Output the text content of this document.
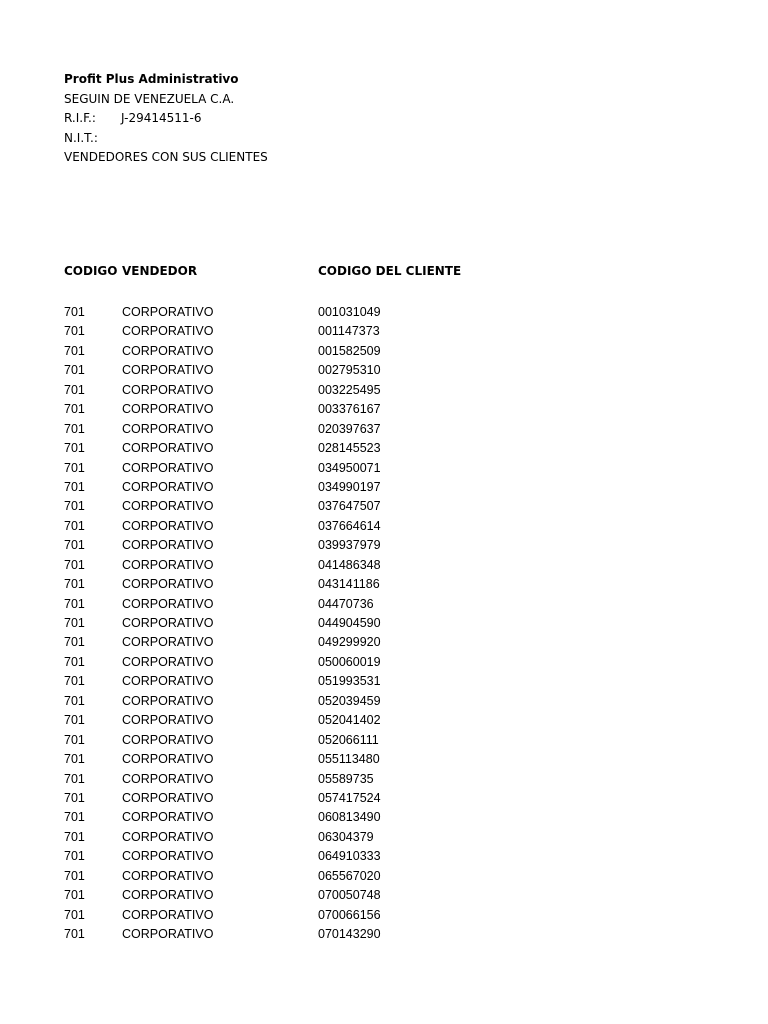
Profit Plus Administrativo
SEGUIN DE VENEZUELA C.A.
R.I.F.:	J-29414511-6
N.I.T.:
VENDEDORES CON SUS CLIENTES
CODIGO VENDEDOR	CODIGO DEL CLIENTE
701	CORPORATIVO	001031049
701	CORPORATIVO	001147373
701	CORPORATIVO	001582509
701	CORPORATIVO	002795310
701	CORPORATIVO	003225495
701	CORPORATIVO	003376167
701	CORPORATIVO	020397637
701	CORPORATIVO	028145523
701	CORPORATIVO	034950071
701	CORPORATIVO	034990197
701	CORPORATIVO	037647507
701	CORPORATIVO	037664614
701	CORPORATIVO	039937979
701	CORPORATIVO	041486348
701	CORPORATIVO	043141186
701	CORPORATIVO	04470736
701	CORPORATIVO	044904590
701	CORPORATIVO	049299920
701	CORPORATIVO	050060019
701	CORPORATIVO	051993531
701	CORPORATIVO	052039459
701	CORPORATIVO	052041402
701	CORPORATIVO	052066111
701	CORPORATIVO	055113480
701	CORPORATIVO	05589735
701	CORPORATIVO	057417524
701	CORPORATIVO	060813490
701	CORPORATIVO	06304379
701	CORPORATIVO	064910333
701	CORPORATIVO	065567020
701	CORPORATIVO	070050748
701	CORPORATIVO	070066156
701	CORPORATIVO	070143290
